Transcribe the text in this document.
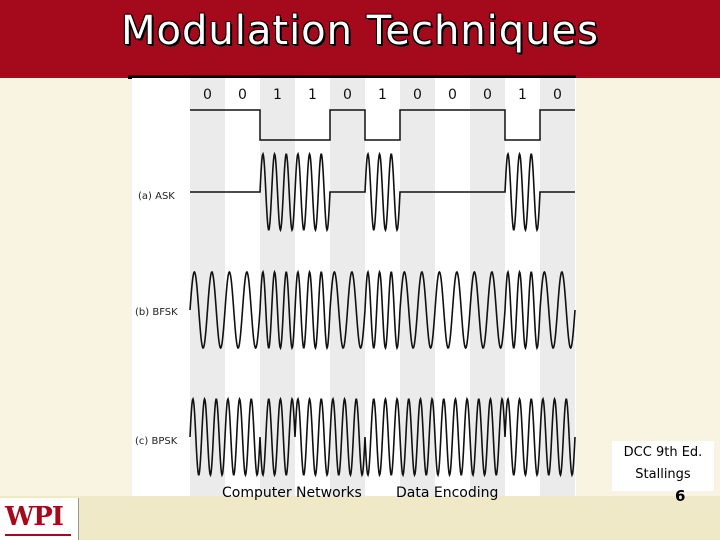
Modulation Techniques
0 0 1 1 0 1 0 0 0 1 0
(a) ASK
(b) BFSK
(c) BPSK
DCC 9th Ed.
Stallings
WPI
Computer Networks Data Encoding	6
